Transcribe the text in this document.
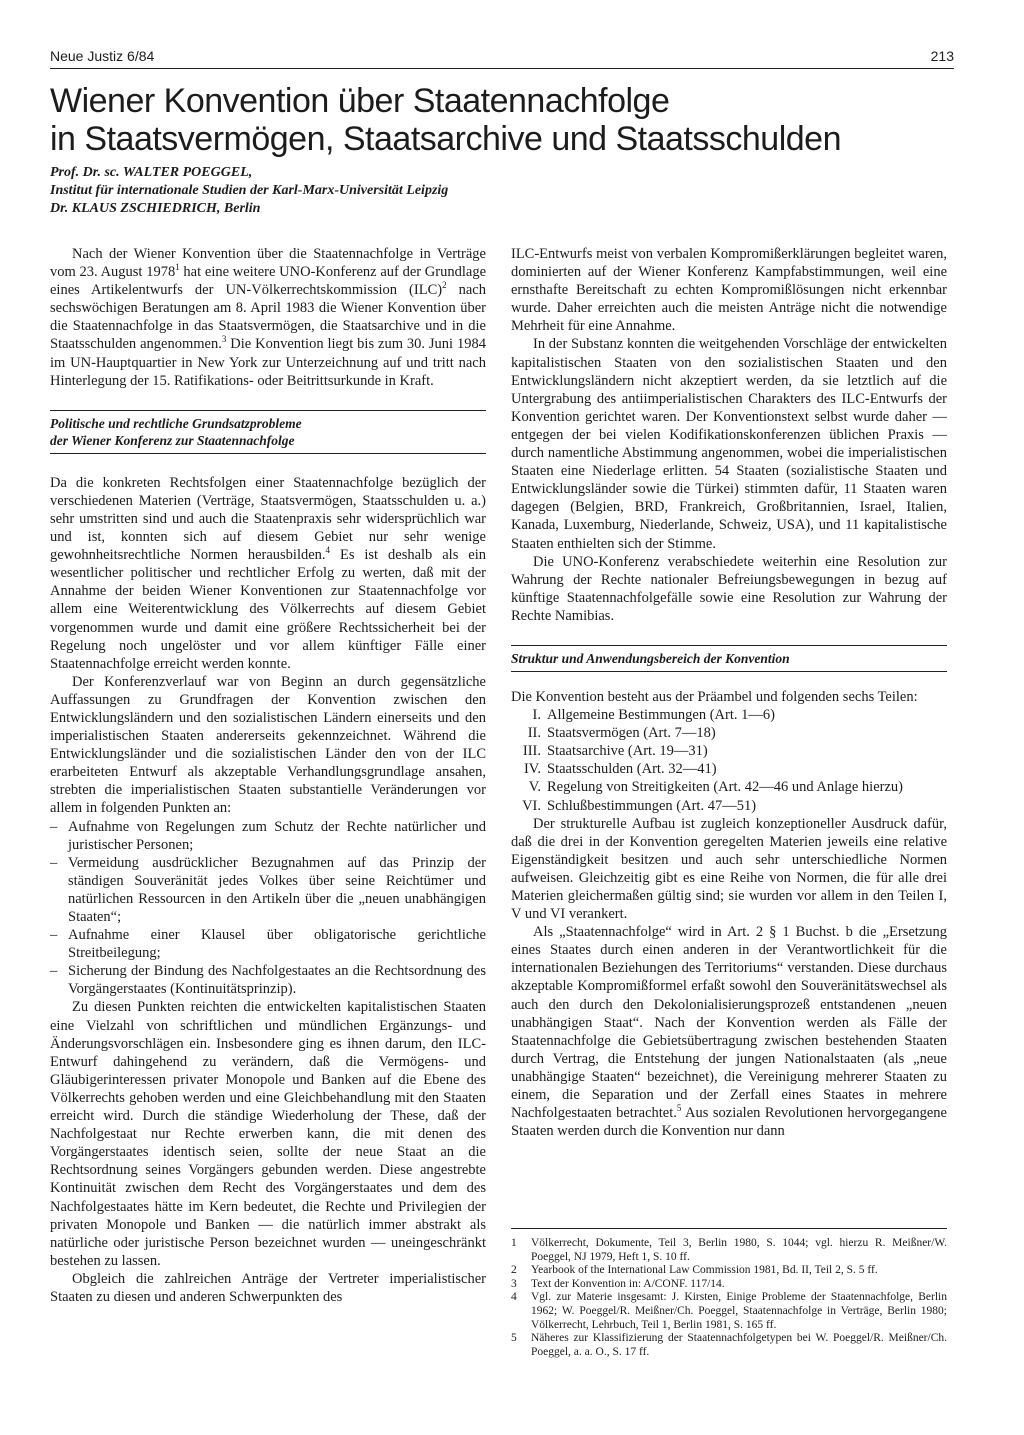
Neue Justiz 6/84	213
Wiener Konvention über Staatennachfolge
in Staatsvermögen, Staatsarchive und Staatsschulden
Prof. Dr. sc. WALTER POEGGEL,
Institut für internationale Studien der Karl-Marx-Universität Leipzig
Dr. KLAUS ZSCHIEDRICH, Berlin

Nach der Wiener Konvention über die Staatennachfolge in Verträge vom 23. August 1978$^1$ hat eine weitere UNO-Konferenz auf der Grundlage eines Artikelentwurfs der UN-Völkerrechtskommission (ILC)$^2$ nach sechswöchigen Beratungen am 8. April 1983 die Wiener Konvention über die Staatennachfolge in das Staatsvermögen, die Staatsarchive und in die Staatsschulden angenommen.$^3$ Die Konvention liegt bis zum 30. Juni 1984 im UN-Hauptquartier in New York zur Unterzeichnung auf und tritt nach Hinterlegung der 15. Ratifikations- oder Beitrittsurkunde in Kraft.

Politische und rechtliche Grundsatzprobleme
der Wiener Konferenz zur Staatennachfolge

Da die konkreten Rechtsfolgen einer Staatennachfolge bezüglich der verschiedenen Materien (Verträge, Staatsvermögen, Staatsschulden u. a.) sehr umstritten sind und auch die Staatenpraxis sehr widersprüchlich war und ist, konnten sich auf diesem Gebiet nur sehr wenige gewohnheitsrechtliche Normen herausbilden.$^4$ Es ist deshalb als ein wesentlicher politischer und rechtlicher Erfolg zu werten, daß mit der Annahme der beiden Wiener Konventionen zur Staatennachfolge vor allem eine Weiterentwicklung des Völkerrechts auf diesem Gebiet vorgenommen wurde und damit eine größere Rechtssicherheit bei der Regelung noch ungelöster und vor allem künftiger Fälle einer Staatennachfolge erreicht werden konnte.

Der Konferenzverlauf war von Beginn an durch gegensätzliche Auffassungen zu Grundfragen der Konvention zwischen den Entwicklungsländern und den sozialistischen Ländern einerseits und den imperialistischen Staaten andererseits gekennzeichnet. Während die Entwicklungsländer und die sozialistischen Länder den von der ILC erarbeiteten Entwurf als akzeptable Verhandlungsgrundlage ansahen, strebten die imperialistischen Staaten substantielle Veränderungen vor allem in folgenden Punkten an:

– Aufnahme von Regelungen zum Schutz der Rechte natürlicher und juristischer Personen;
– Vermeidung ausdrücklicher Bezugnahmen auf das Prinzip der ständigen Souveränität jedes Volkes über seine Reichtümer und natürlichen Ressourcen in den Artikeln über die „neuen unabhängigen Staaten“;
– Aufnahme einer Klausel über obligatorische gerichtliche Streitbeilegung;
– Sicherung der Bindung des Nachfolgestaates an die Rechtsordnung des Vorgängerstaates (Kontinuitätsprinzip).

Zu diesen Punkten reichten die entwickelten kapitalistischen Staaten eine Vielzahl von schriftlichen und mündlichen Ergänzungs- und Änderungsvorschlägen ein. Insbesondere ging es ihnen darum, den ILC-Entwurf dahingehend zu verändern, daß die Vermögens- und Gläubigerinteressen privater Monopole und Banken auf die Ebene des Völkerrechts gehoben werden und eine Gleichbehandlung mit den Staaten erreicht wird. Durch die ständige Wiederholung der These, daß der Nachfolgestaat nur Rechte erwerben kann, die mit denen des Vorgängerstaates identisch seien, sollte der neue Staat an die Rechtsordnung seines Vorgängers gebunden werden. Diese angestrebte Kontinuität zwischen dem Recht des Vorgängerstaates und dem des Nachfolgestaates hätte im Kern bedeutet, die Rechte und Privilegien der privaten Monopole und Banken — die natürlich immer abstrakt als natürliche oder juristische Person bezeichnet wurden — uneingeschränkt bestehen zu lassen.

Obgleich die zahlreichen Anträge der Vertreter imperialistischer Staaten zu diesen und anderen Schwerpunkten des

ILC-Entwurfs meist von verbalen Kompromißerklärungen begleitet waren, dominierten auf der Wiener Konferenz Kampfabstimmungen, weil eine ernsthafte Bereitschaft zu echten Kompromißlösungen nicht erkennbar wurde. Daher erreichten auch die meisten Anträge nicht die notwendige Mehrheit für eine Annahme.

In der Substanz konnten die weitgehenden Vorschläge der entwickelten kapitalistischen Staaten von den sozialistischen Staaten und den Entwicklungsländern nicht akzeptiert werden, da sie letztlich auf die Untergrabung des antiimperialistischen Charakters des ILC-Entwurfs der Konvention gerichtet waren. Der Konventionstext selbst wurde daher — entgegen der bei vielen Kodifikationskonferenzen üblichen Praxis — durch namentliche Abstimmung angenommen, wobei die imperialistischen Staaten eine Niederlage erlitten. 54 Staaten (sozialistische Staaten und Entwicklungsländer sowie die Türkei) stimmten dafür, 11 Staaten waren dagegen (Belgien, BRD, Frankreich, Großbritannien, Israel, Italien, Kanada, Luxemburg, Niederlande, Schweiz, USA), und 11 kapitalistische Staaten enthielten sich der Stimme.

Die UNO-Konferenz verabschiedete weiterhin eine Resolution zur Wahrung der Rechte nationaler Befreiungsbewegungen in bezug auf künftige Staatennachfolgefälle sowie eine Resolution zur Wahrung der Rechte Namibias.

Struktur und Anwendungsbereich der Konvention

Die Konvention besteht aus der Präambel und folgenden sechs Teilen:

I. Allgemeine Bestimmungen (Art. 1—6)
II. Staatsvermögen (Art. 7—18)
III. Staatsarchive (Art. 19—31)
IV. Staatsschulden (Art. 32—41)
V. Regelung von Streitigkeiten (Art. 42—46 und Anlage hierzu)
VI. Schlußbestimmungen (Art. 47—51)

Der strukturelle Aufbau ist zugleich konzeptioneller Ausdruck dafür, daß die drei in der Konvention geregelten Materien jeweils eine relative Eigenständigkeit besitzen und auch sehr unterschiedliche Normen aufweisen. Gleichzeitig gibt es eine Reihe von Normen, die für alle drei Materien gleichermaßen gültig sind; sie wurden vor allem in den Teilen I, V und VI verankert.

Als „Staatennachfolge“ wird in Art. 2 § 1 Buchst. b die „Ersetzung eines Staates durch einen anderen in der Verantwortlichkeit für die internationalen Beziehungen des Territoriums“ verstanden. Diese durchaus akzeptable Kompromißformel erfaßt sowohl den Souveränitätswechsel als auch den durch den Dekolonialisierungsprozeß entstandenen „neuen unabhängigen Staat“. Nach der Konvention werden als Fälle der Staatennachfolge die Gebietsübertragung zwischen bestehenden Staaten durch Vertrag, die Entstehung der jungen Nationalstaaten (als „neue unabhängige Staaten“ bezeichnet), die Vereinigung mehrerer Staaten zu einem, die Separation und der Zerfall eines Staates in mehrere Nachfolgestaaten betrachtet.$^5$ Aus sozialen Revolutionen hervorgegangene Staaten werden durch die Konvention nur dann

1	Völkerrecht, Dokumente, Teil 3, Berlin 1980, S. 1044; vgl. hierzu R. Meißner/W. Poeggel, NJ 1979, Heft 1, S. 10 ff.
2	Yearbook of the International Law Commission 1981, Bd. II, Teil 2, S. 5 ff.
3	Text der Konvention in: A/CONF. 117/14.
4	Vgl. zur Materie insgesamt: J. Kirsten, Einige Probleme der Staatennachfolge, Berlin 1962; W. Poeggel/R. Meißner/Ch. Poeggel, Staatennachfolge in Verträge, Berlin 1980; Völkerrecht, Lehrbuch, Teil 1, Berlin 1981, S. 165 ff.
5	Näheres zur Klassifizierung der Staatennachfolgetypen bei W. Poeggel/R. Meißner/Ch. Poeggel, a. a. O., S. 17 ff.
